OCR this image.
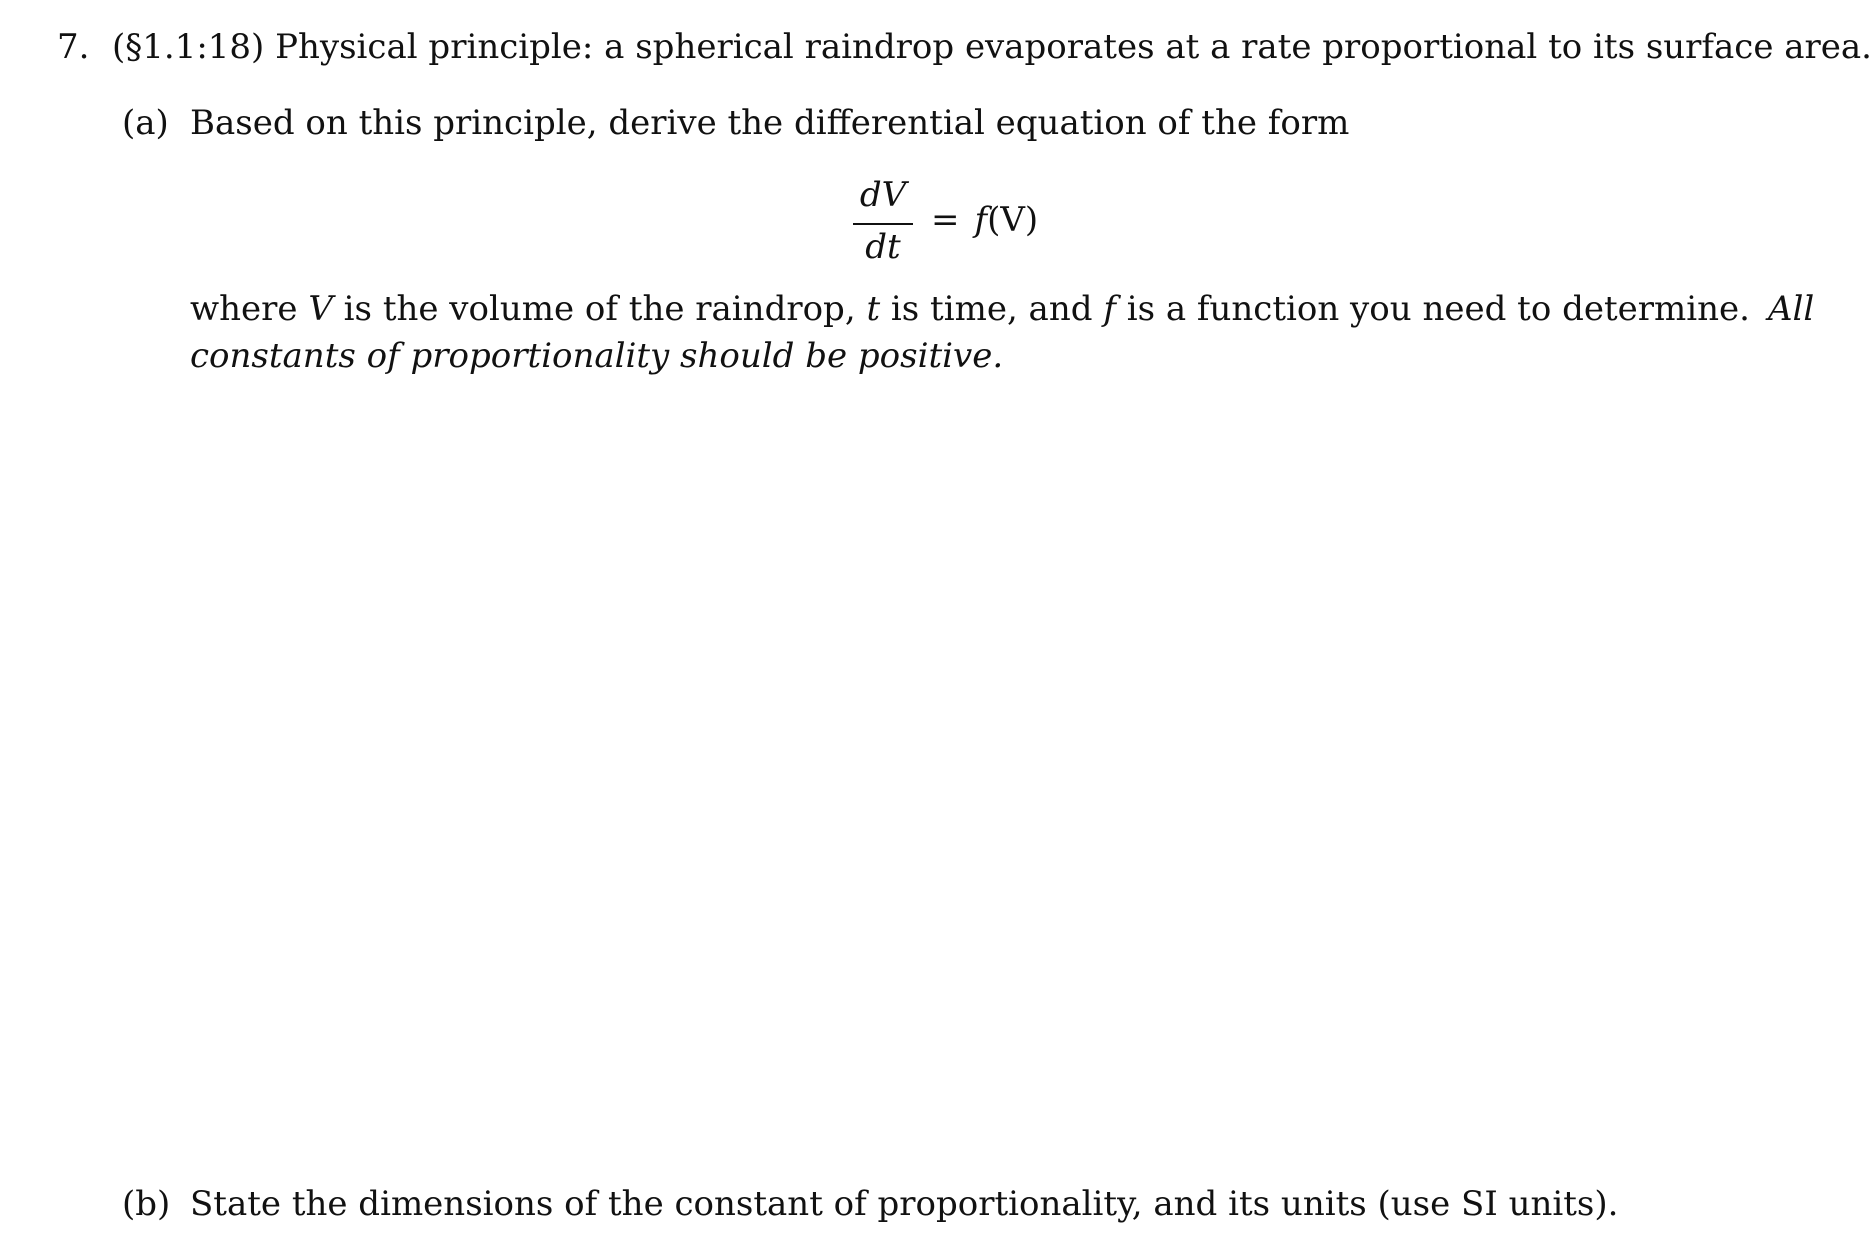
7. (§1.1:18) Physical principle: a spherical raindrop evaporates at a rate proportional to its surface area.
(a) Based on this principle, derive the differential equation of the form
dV
dt
= f(V)
where V is the volume of the raindrop, t is time, and f is a function you need to determine. All
constants of proportionality should be positive.
(b) State the dimensions of the constant of proportionality, and its units (use SI units).
